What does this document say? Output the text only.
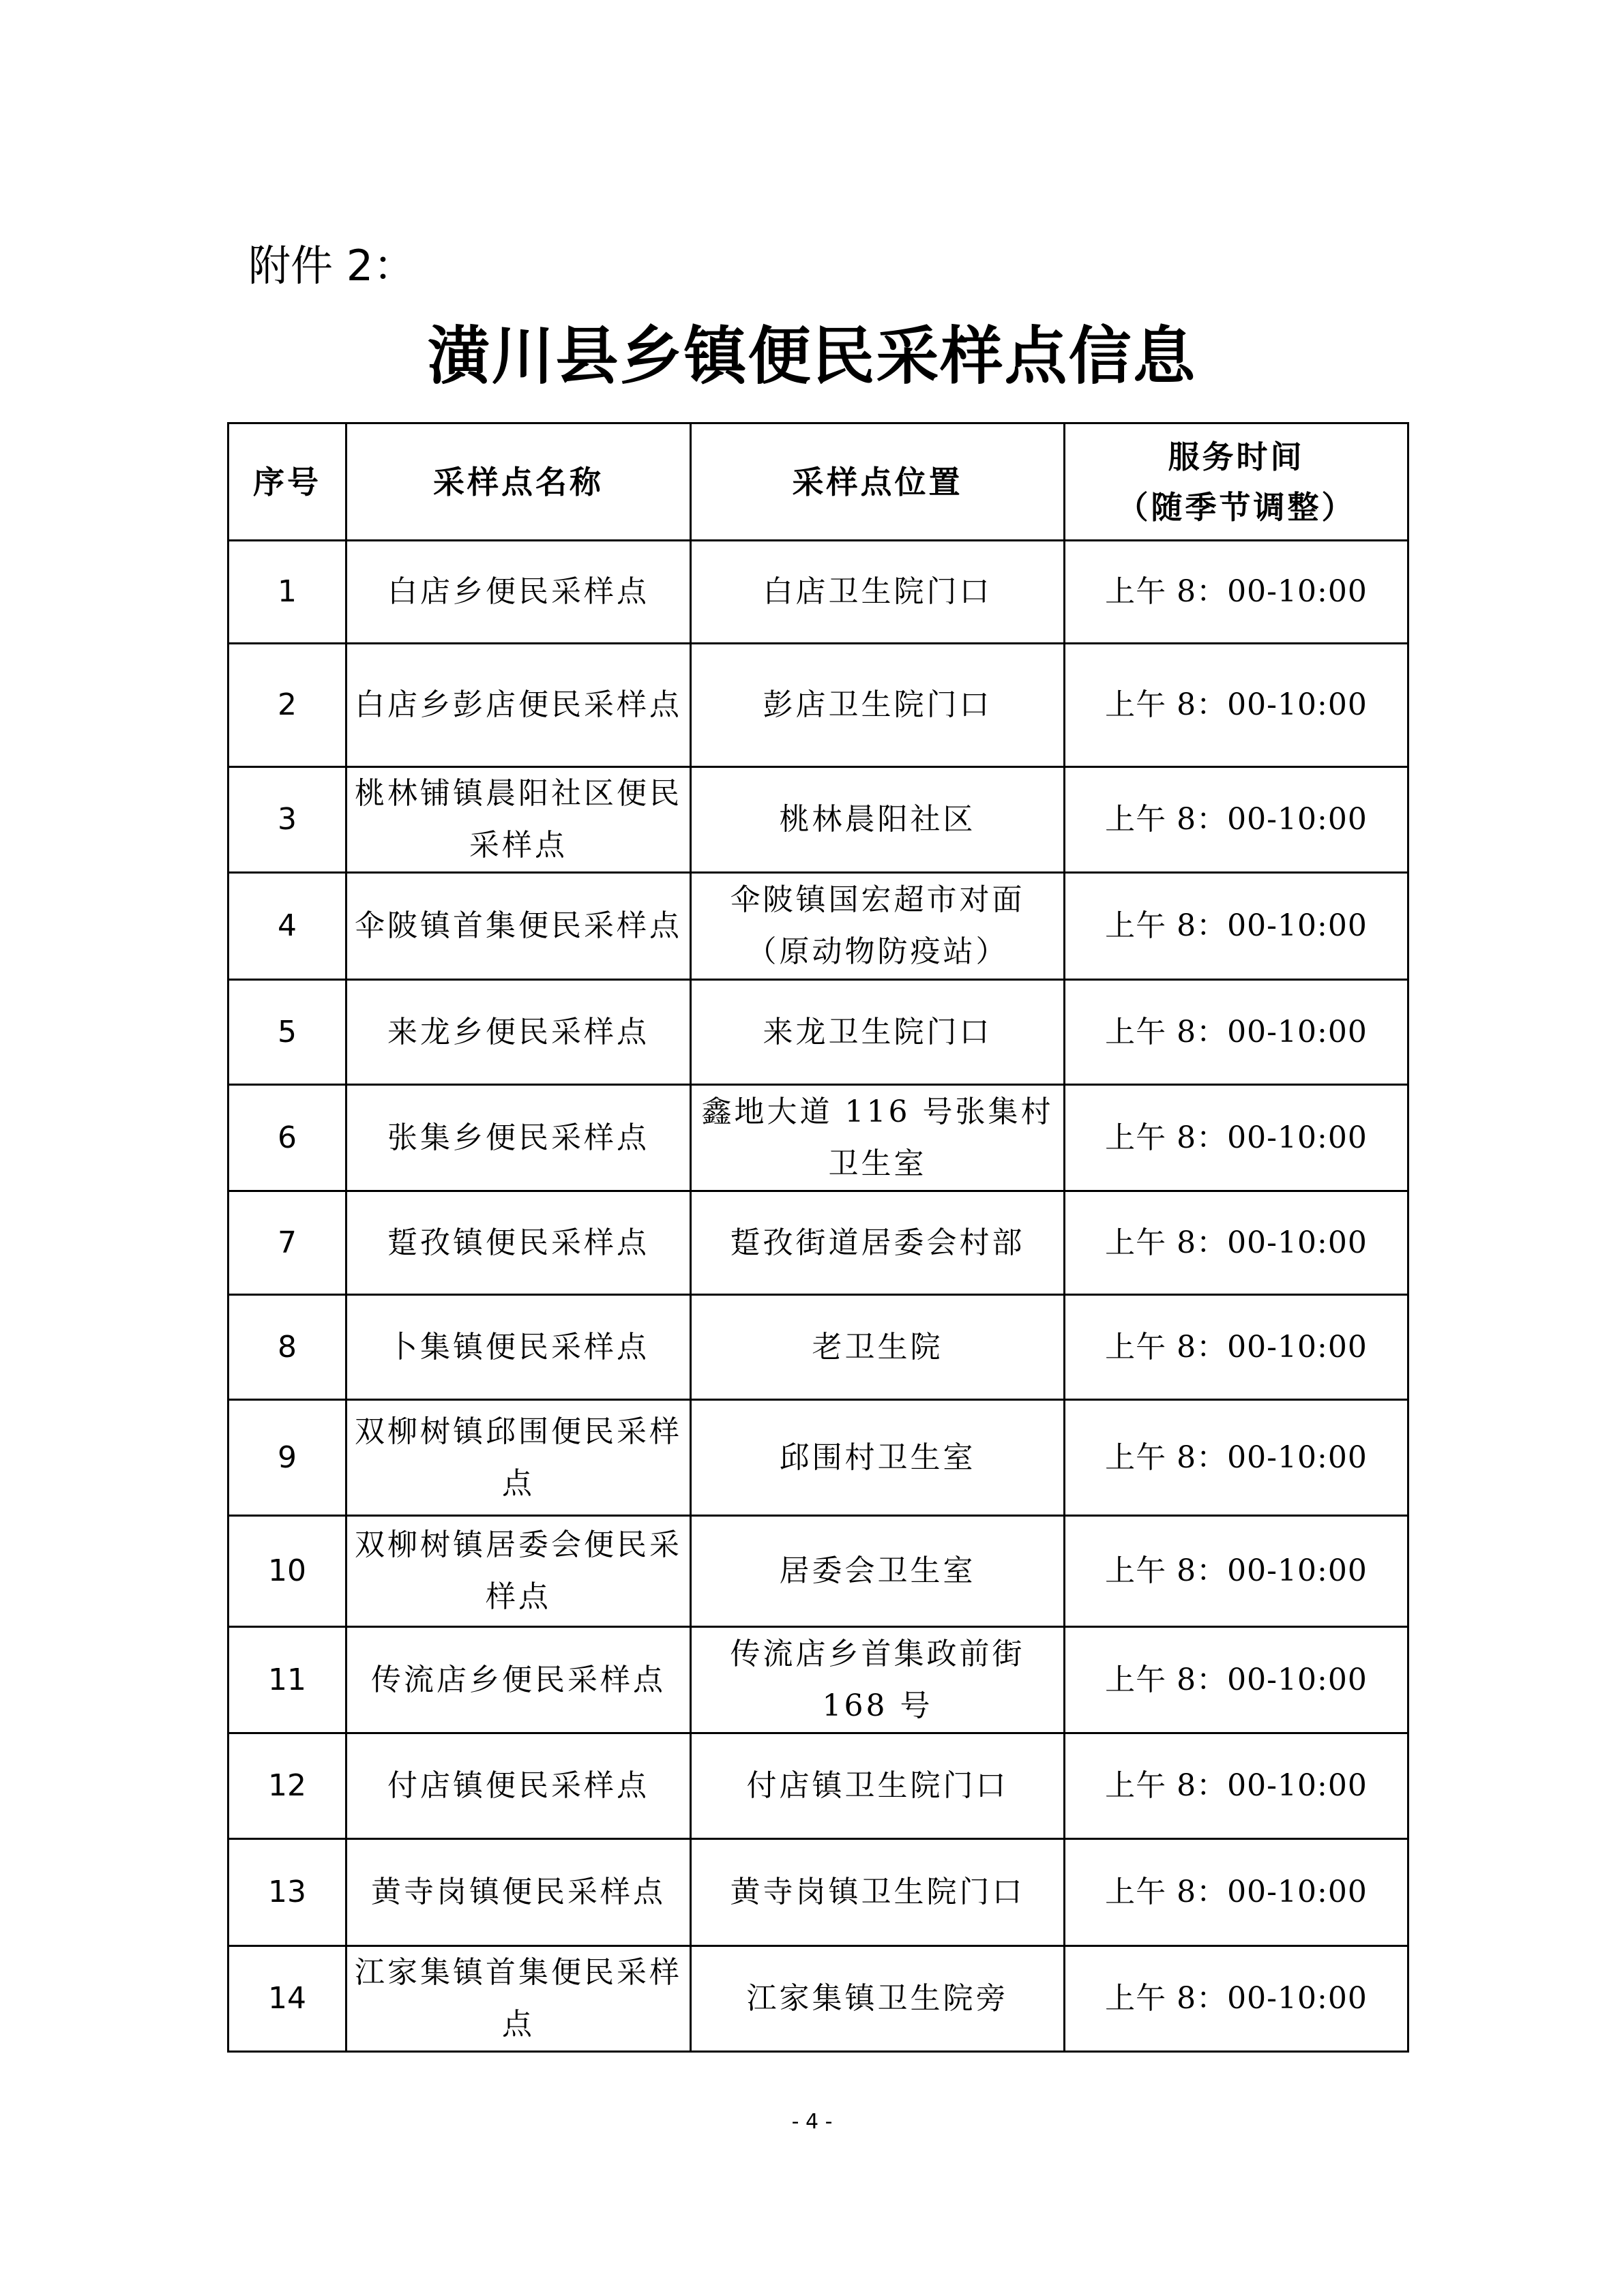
附件 2：
潢川县乡镇便民采样点信息
序号	采样点名称	采样点位置	服务时间
（随季节调整）

1	白店乡便民采样点	白店卫生院门口	上午 8：00-10:00
2	白店乡彭店便民采样点	彭店卫生院门口	上午 8：00-10:00
3	桃林铺镇晨阳社区便民采样点	桃林晨阳社区	上午 8：00-10:00
4	伞陂镇首集便民采样点	伞陂镇国宏超市对面（原动物防疫站）	上午 8：00-10:00
5	来龙乡便民采样点	来龙卫生院门口	上午 8：00-10:00
6	张集乡便民采样点	鑫地大道 116 号张集村卫生室	上午 8：00-10:00
7	踅孜镇便民采样点	踅孜街道居委会村部	上午 8：00-10:00
8	卜集镇便民采样点	老卫生院	上午 8：00-10:00
9	双柳树镇邱围便民采样点	邱围村卫生室	上午 8：00-10:00
10	双柳树镇居委会便民采样点	居委会卫生室	上午 8：00-10:00
11	传流店乡便民采样点	传流店乡首集政前街 168 号	上午 8：00-10:00
12	付店镇便民采样点	付店镇卫生院门口	上午 8：00-10:00
13	黄寺岗镇便民采样点	黄寺岗镇卫生院门口	上午 8：00-10:00
14	江家集镇首集便民采样点	江家集镇卫生院旁	上午 8：00-10:00
- 4 -
